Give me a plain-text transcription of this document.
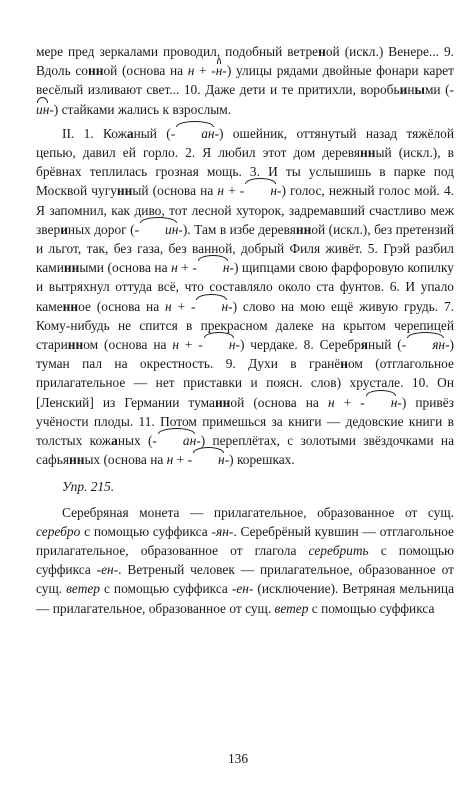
мере пред зеркалами проводил, подобный ветреной (искл.) Венере... 9. Вдоль сонной (основа на н + -н-) улицы рядами двойные фонари карет весёлый изливают свет... 10. Даже дети и те притихли, воробьиными (-ин-) стайками жались к взрослым.

II. 1. Кожаный (- ан-) ошейник, оттянутый назад тяжёлой цепью, давил ей горло. 2. Я любил этот дом деревянный (искл.), в брёвнах теплилась грозная мощь. 3. И ты услышишь в парке под Москвой чугунный (основа на н + - н-) голос, нежный голос мой. 4. Я запомнил, как диво, тот лесной хуторок, задремавший счастливо меж звериных дорог (- ин-). Там в избе деревянной (искл.), без претензий и льгот, так, без газа, без ванной, добрый Филя живёт. 5. Грэй разбил каминными (основа на н + - н-) щипцами свою фарфоровую копилку и вытряхнул оттуда всё, что составляло около ста фунтов. 6. И упало каменное (основа на н + - н-) слово на мою ещё живую грудь. 7. Кому-нибудь не спится в прекрасном далеке на крытом черепицей старинном (основа на н + - н-) чердаке. 8. Серебряный (- ян-) туман пал на окрестность. 9. Духи в гранёном (отглагольное прилагательное — нет приставки и поясн. слов) хрустале. 10. Он [Ленский] из Германии туманной (основа на н + - н-) привёз учёности плоды. 11. Потом примешься за книги — дедовские книги в толстых кожаных (- ан-) переплётах, с золотыми звёздочками на сафьянных (основа на н + - н-) корешках.

Упр. 215.

Серебряная монета — прилагательное, образованное от сущ. серебро с помощью суффикса -ян-. Серебрёный кувшин — отглагольное прилагательное, образованное от глагола серебрить с помощью суффикса -ен-. Ветреный человек — прилагательное, образованное от сущ. ветер с помощью суффикса -ен- (исключение). Ветряная мельница — прилагательное, образованное от сущ. ветер с помощью суффикса

136
